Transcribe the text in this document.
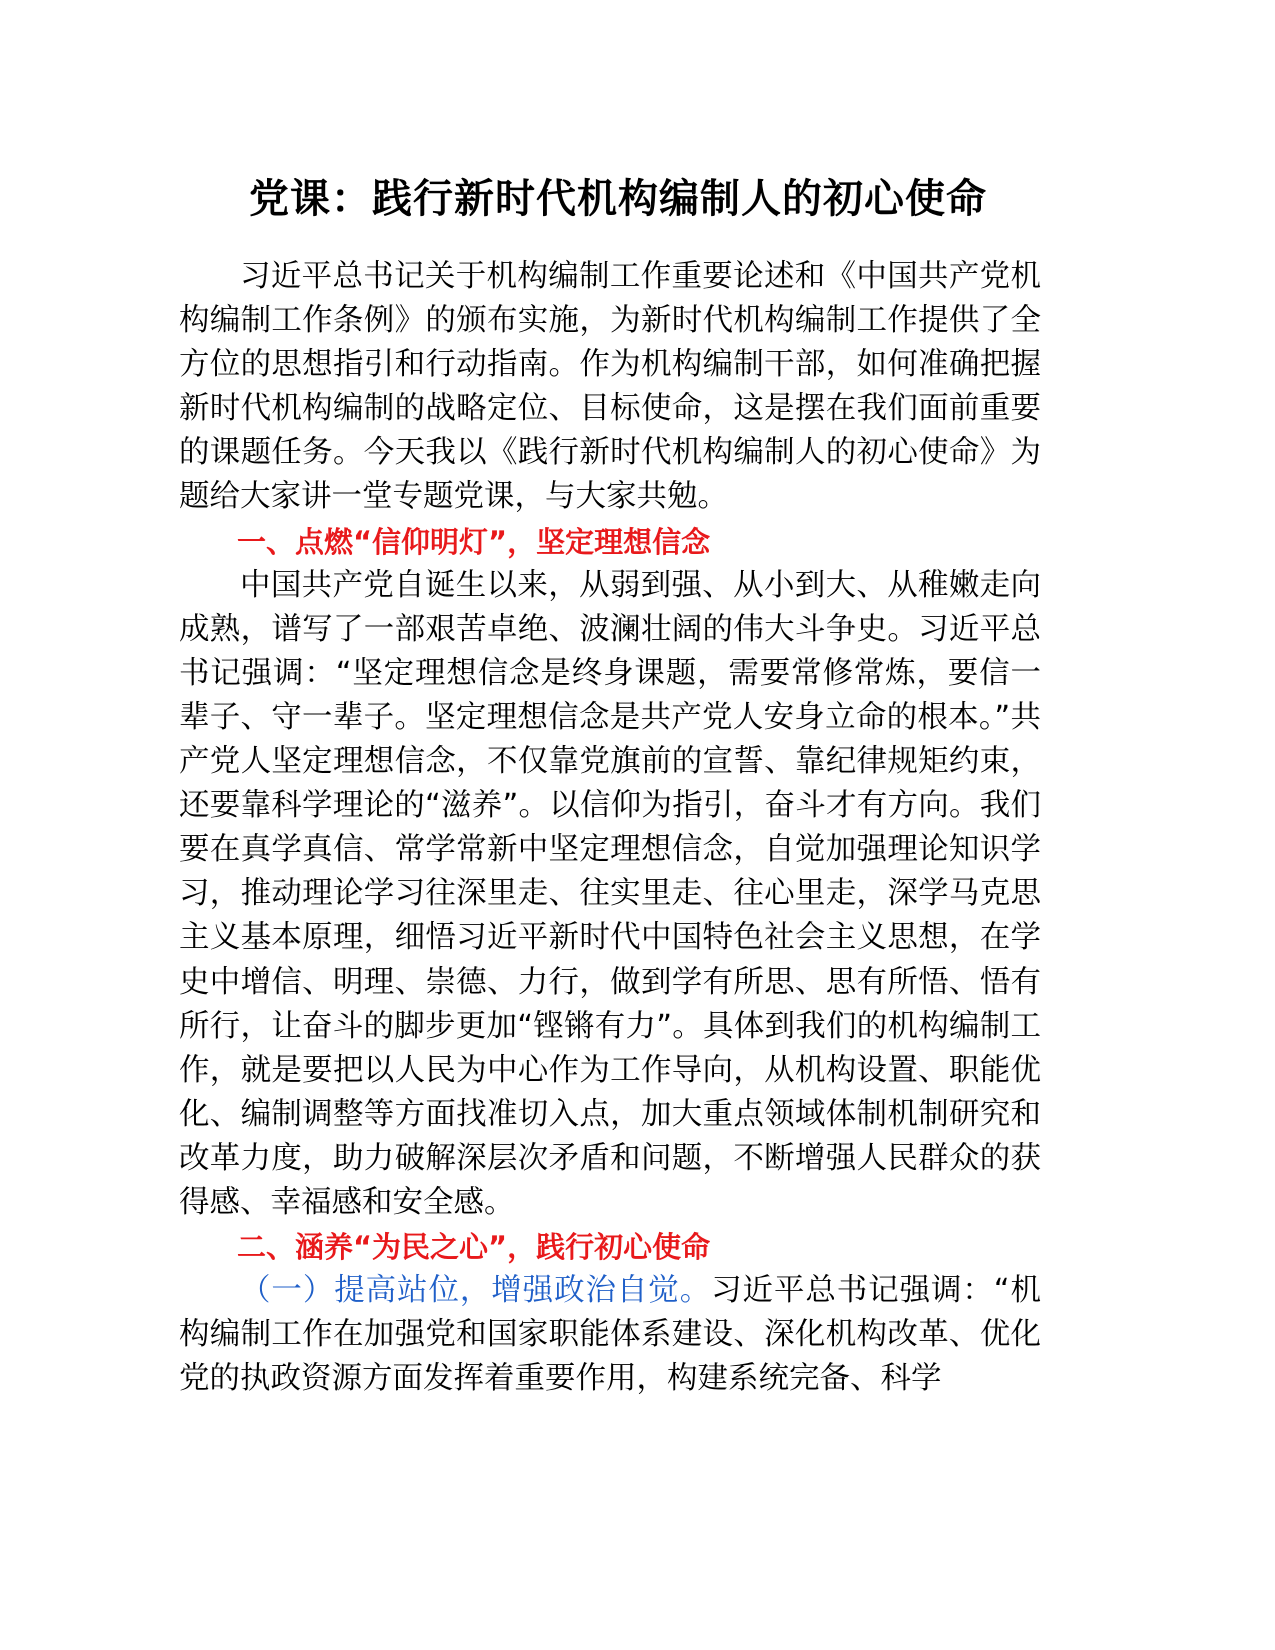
党课：践行新时代机构编制人的初心使命

习近平总书记关于机构编制工作重要论述和《中国共产党机构编制工作条例》的颁布实施，为新时代机构编制工作提供了全方位的思想指引和行动指南。作为机构编制干部，如何准确把握新时代机构编制的战略定位、目标使命，这是摆在我们面前重要的课题任务。今天我以《践行新时代机构编制人的初心使命》为题给大家讲一堂专题党课，与大家共勉。

一、点燃“信仰明灯”，坚定理想信念

中国共产党自诞生以来，从弱到强、从小到大、从稚嫩走向成熟，谱写了一部艰苦卓绝、波澜壮阔的伟大斗争史。习近平总书记强调：“坚定理想信念是终身课题，需要常修常炼，要信一辈子、守一辈子。坚定理想信念是共产党人安身立命的根本。”共产党人坚定理想信念，不仅靠党旗前的宣誓、靠纪律规矩约束，还要靠科学理论的“滋养”。以信仰为指引，奋斗才有方向。我们要在真学真信、常学常新中坚定理想信念，自觉加强理论知识学习，推动理论学习往深里走、往实里走、往心里走，深学马克思主义基本原理，细悟习近平新时代中国特色社会主义思想，在学史中增信、明理、崇德、力行，做到学有所思、思有所悟、悟有所行，让奋斗的脚步更加“铿锵有力”。具体到我们的机构编制工作，就是要把以人民为中心作为工作导向，从机构设置、职能优化、编制调整等方面找准切入点，加大重点领域体制机制研究和改革力度，助力破解深层次矛盾和问题，不断增强人民群众的获得感、幸福感和安全感。

二、涵养“为民之心”，践行初心使命

（一）提高站位，增强政治自觉。习近平总书记强调：“机构编制工作在加强党和国家职能体系建设、深化机构改革、优化党的执政资源方面发挥着重要作用，构建系统完备、科学
